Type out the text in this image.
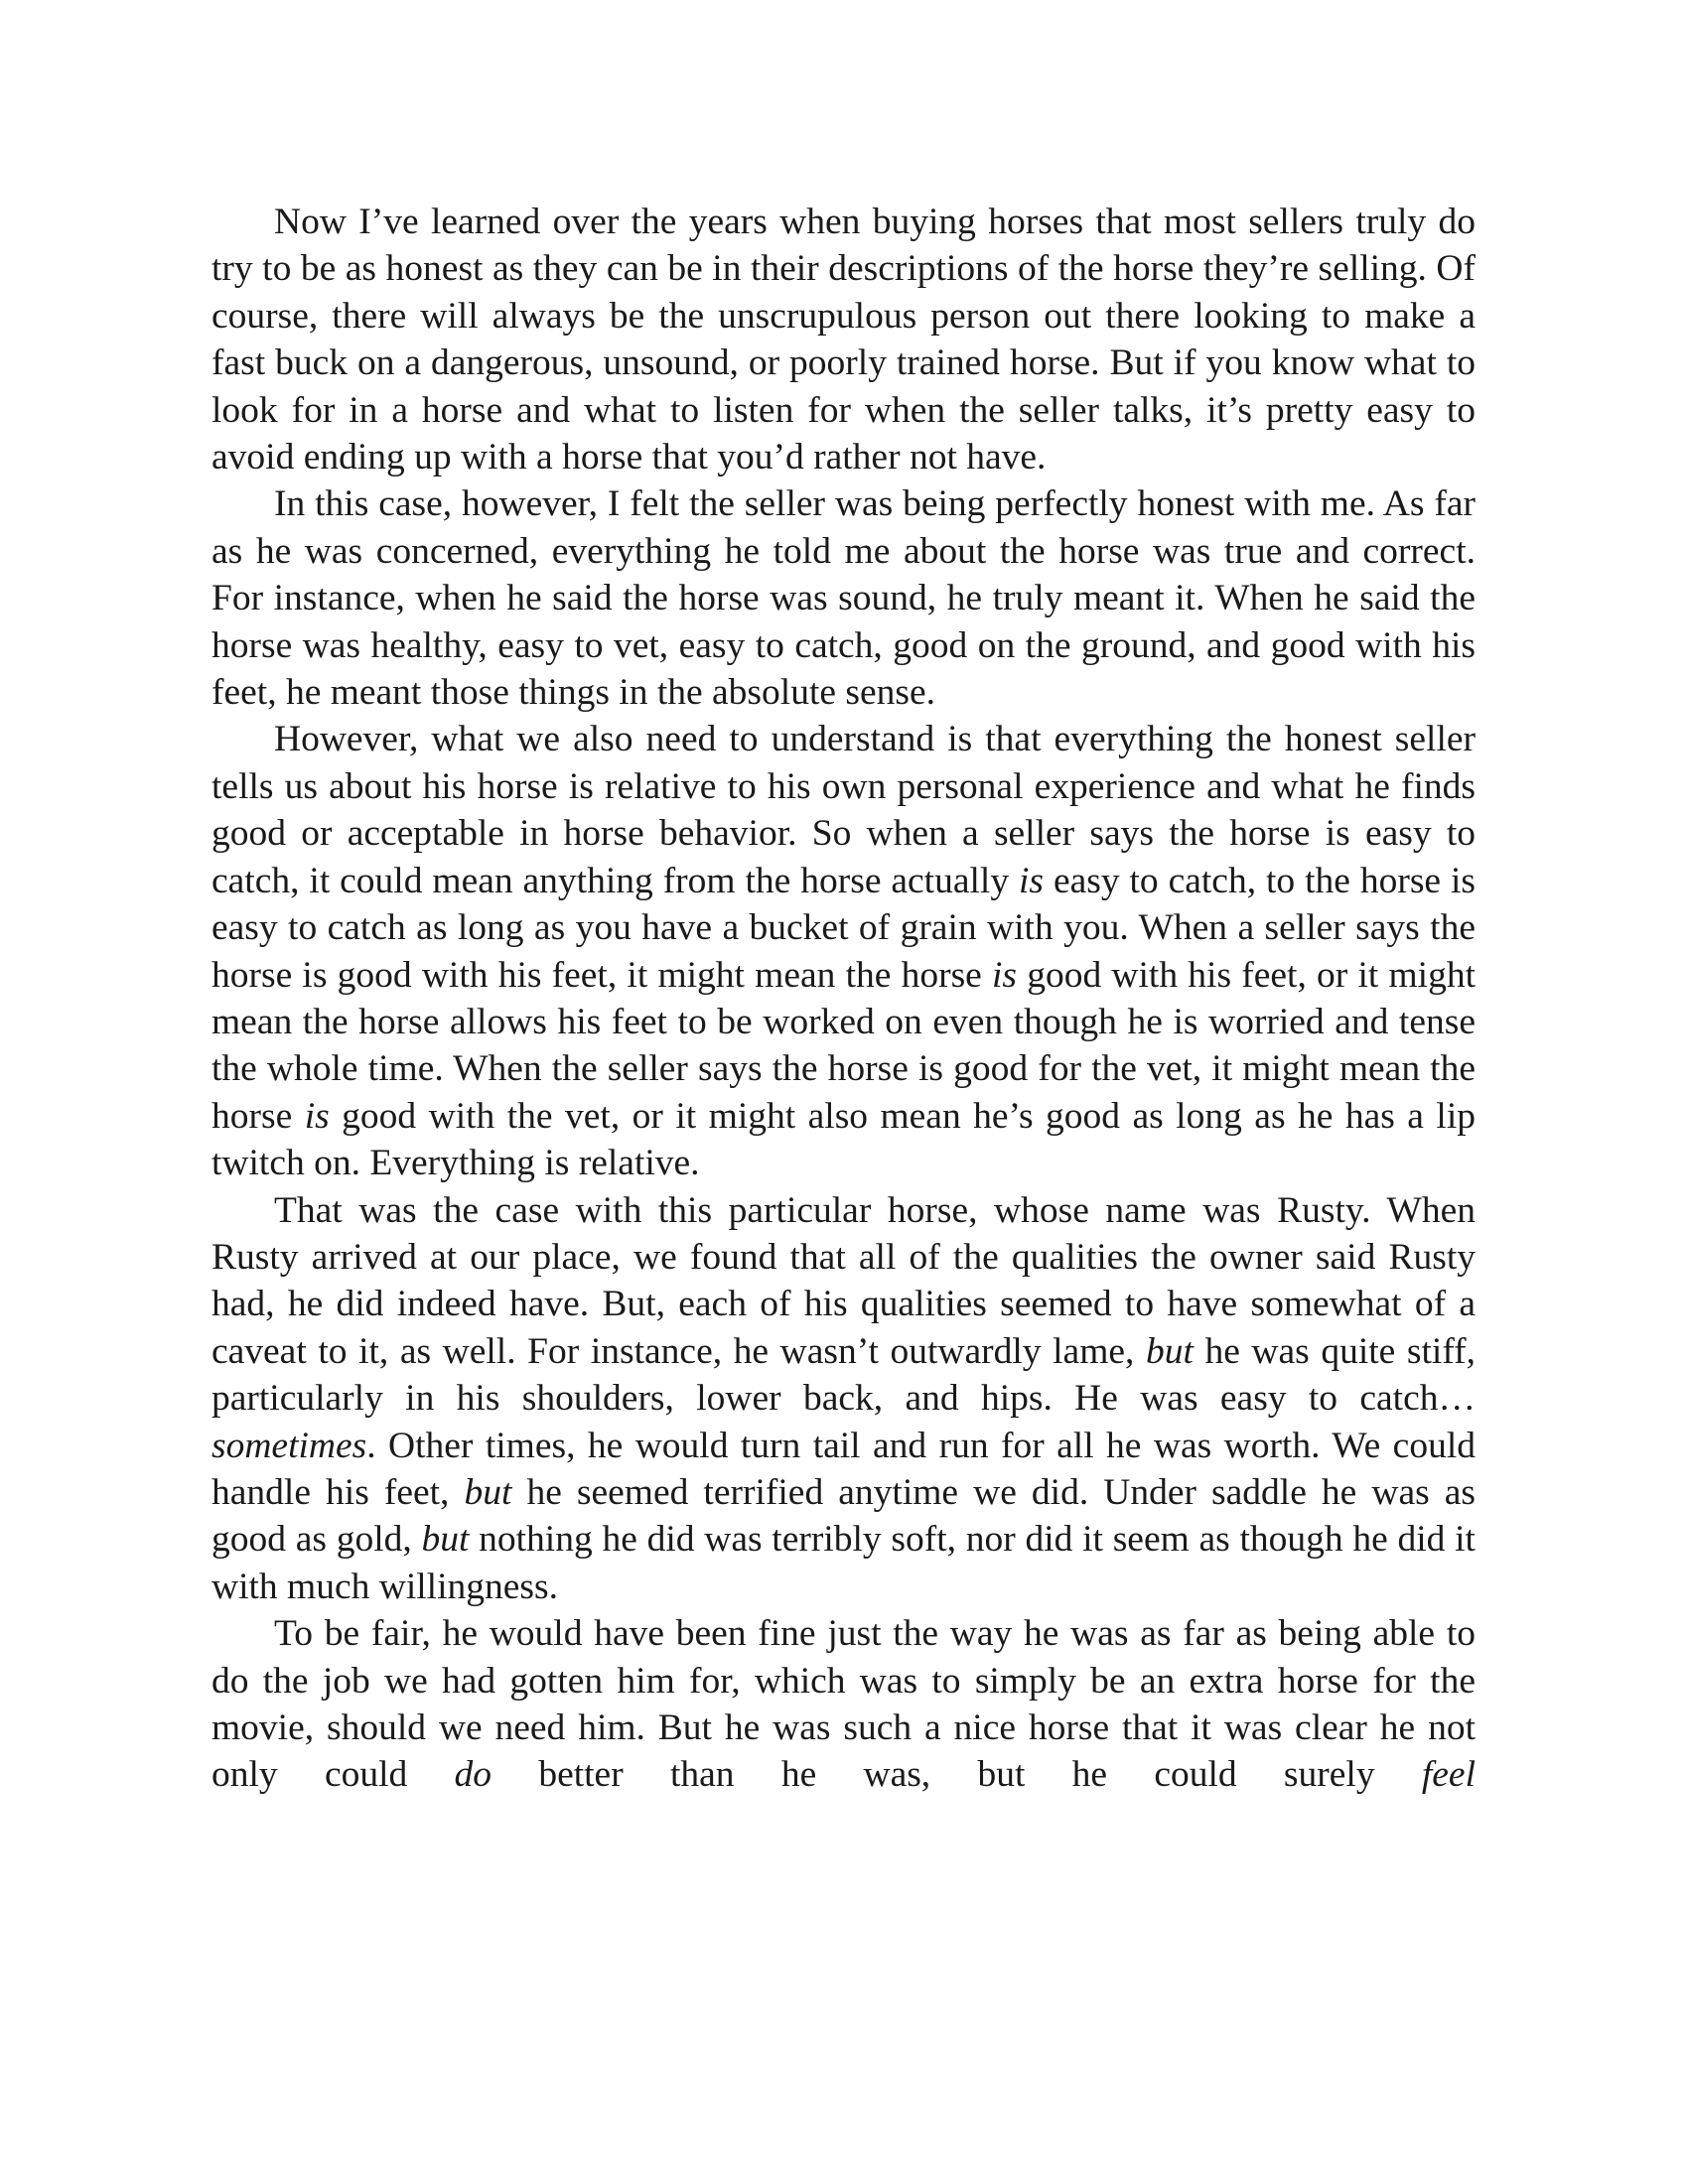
Now I’ve learned over the years when buying horses that most sellers truly do try to be as honest as they can be in their descriptions of the horse they’re selling. Of course, there will always be the unscrupulous person out there looking to make a fast buck on a dangerous, unsound, or poorly trained horse. But if you know what to look for in a horse and what to listen for when the seller talks, it’s pretty easy to avoid ending up with a horse that you’d rather not have.

In this case, however, I felt the seller was being perfectly honest with me. As far as he was concerned, everything he told me about the horse was true and correct. For instance, when he said the horse was sound, he truly meant it. When he said the horse was healthy, easy to vet, easy to catch, good on the ground, and good with his feet, he meant those things in the absolute sense.

However, what we also need to understand is that everything the honest seller tells us about his horse is relative to his own personal experience and what he finds good or acceptable in horse behavior. So when a seller says the horse is easy to catch, it could mean anything from the horse actually is easy to catch, to the horse is easy to catch as long as you have a bucket of grain with you. When a seller says the horse is good with his feet, it might mean the horse is good with his feet, or it might mean the horse allows his feet to be worked on even though he is worried and tense the whole time. When the seller says the horse is good for the vet, it might mean the horse is good with the vet, or it might also mean he’s good as long as he has a lip twitch on. Everything is relative.

That was the case with this particular horse, whose name was Rusty. When Rusty arrived at our place, we found that all of the qualities the owner said Rusty had, he did indeed have. But, each of his qualities seemed to have somewhat of a caveat to it, as well. For instance, he wasn’t outwardly lame, but he was quite stiff, particularly in his shoulders, lower back, and hips. He was easy to catch…sometimes. Other times, he would turn tail and run for all he was worth. We could handle his feet, but he seemed terrified anytime we did. Under saddle he was as good as gold, but nothing he did was terribly soft, nor did it seem as though he did it with much willingness.

To be fair, he would have been fine just the way he was as far as being able to do the job we had gotten him for, which was to simply be an extra horse for the movie, should we need him. But he was such a nice horse that it was clear he not only could do better than he was, but he could surely feel
